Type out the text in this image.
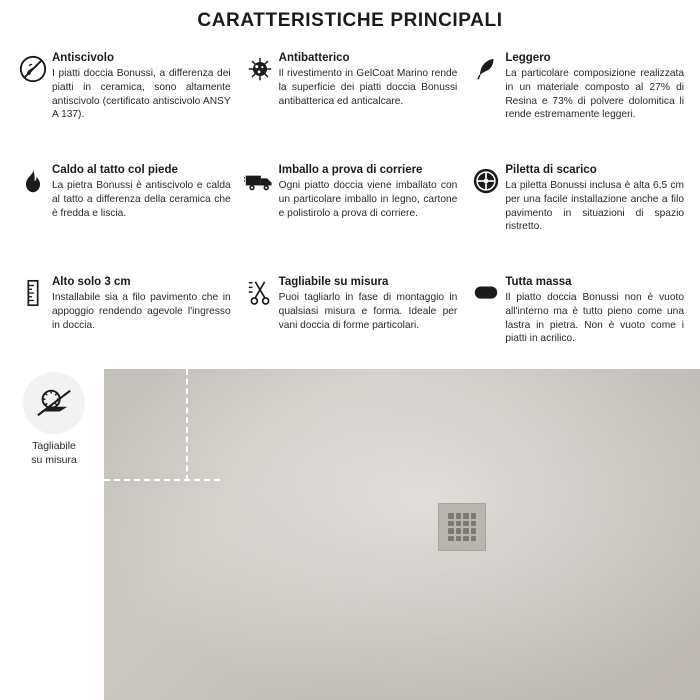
CARATTERISTICHE PRINCIPALI
Antiscivolo
I piatti doccia Bonussi, a differenza dei piatti in ceramica, sono altamente antiscivolo (certificato antiscivolo ANSY A 137).
Antibatterico
Il rivestimento in GelCoat Marino rende la superficie dei piatti doccia Bonussi antibatterica ed anticalcare.
Leggero
La particolare composizione realizzata in un materiale composto al 27% di Resina e 73% di polvere dolomitica li rende estremamente leggeri.
Caldo al tatto col piede
La pietra Bonussi è antiscivolo e calda al tatto a differenza della ceramica che è fredda e liscia.
Imballo a prova di corriere
Ogni piatto doccia viene imballato con un particolare imballo in legno, cartone e polistirolo a prova di corriere.
Piletta di scarico
La piletta Bonussi inclusa è alta 6,5 cm per una facile installazione anche a filo pavimento in situazioni di spazio ristretto.
Alto solo 3 cm
Installabile sia a filo pavimento che in appoggio rendendo agevole l'ingresso in doccia.
Tagliabile su misura
Puoi tagliarlo in fase di montaggio in qualsiasi misura e forma. Ideale per vani doccia di forme particolari.
Tutta massa
Il piatto doccia Bonussi non è vuoto all'interno ma è tutto pieno come una lastra in pietra. Non è vuoto come i piatti in acrilico.
Tagliabile
su misura
